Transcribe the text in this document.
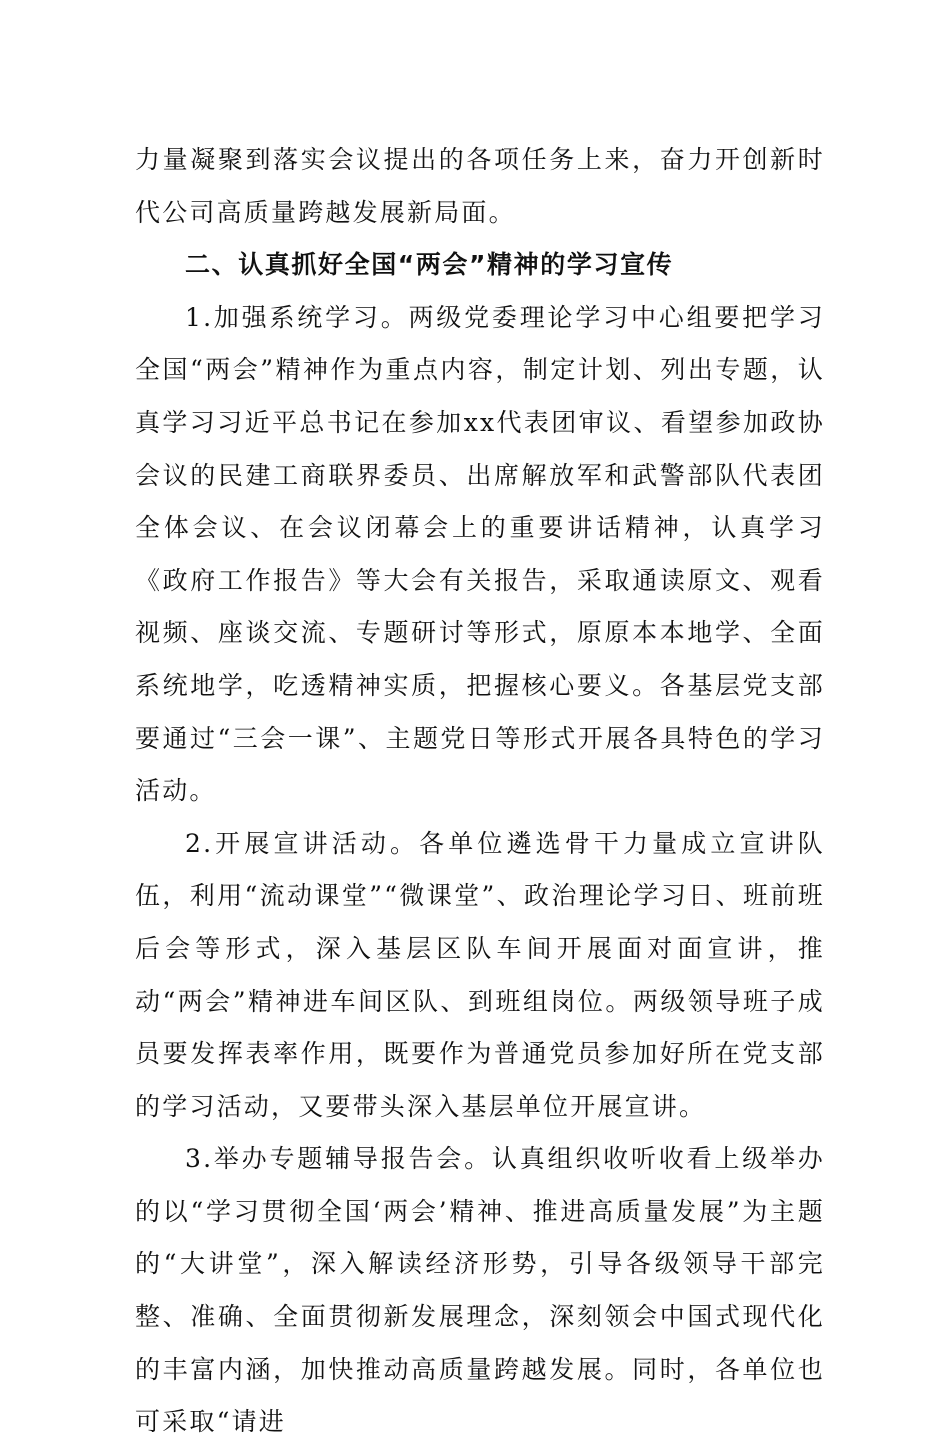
力量凝聚到落实会议提出的各项任务上来，奋力开创新时代公司高质量跨越发展新局面。

二、认真抓好全国“两会”精神的学习宣传

1.加强系统学习。两级党委理论学习中心组要把学习全国“两会”精神作为重点内容，制定计划、列出专题，认真学习习近平总书记在参加xx代表团审议、看望参加政协会议的民建工商联界委员、出席解放军和武警部队代表团全体会议、在会议闭幕会上的重要讲话精神，认真学习《政府工作报告》等大会有关报告，采取通读原文、观看视频、座谈交流、专题研讨等形式，原原本本地学、全面系统地学，吃透精神实质，把握核心要义。各基层党支部要通过“三会一课”、主题党日等形式开展各具特色的学习活动。

2.开展宣讲活动。各单位遴选骨干力量成立宣讲队伍，利用“流动课堂”“微课堂”、政治理论学习日、班前班后会等形式，深入基层区队车间开展面对面宣讲，推动“两会”精神进车间区队、到班组岗位。两级领导班子成员要发挥表率作用，既要作为普通党员参加好所在党支部的学习活动，又要带头深入基层单位开展宣讲。

3.举办专题辅导报告会。认真组织收听收看上级举办的以“学习贯彻全国‘两会’精神、推进高质量发展”为主题的“大讲堂”，深入解读经济形势，引导各级领导干部完整、准确、全面贯彻新发展理念，深刻领会中国式现代化的丰富内涵，加快推动高质量跨越发展。同时，各单位也可采取“请进
